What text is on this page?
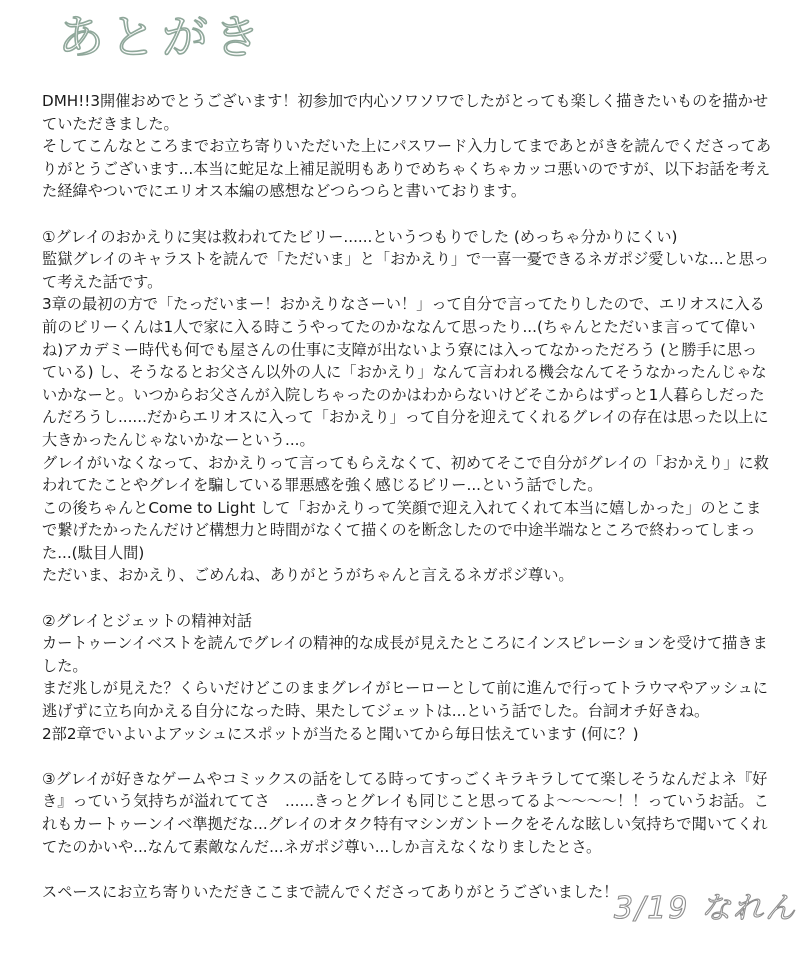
あとがき

DMH!!3開催おめでとうございます！初参加で内心ソワソワでしたがとっても楽しく描きたいものを描かせていただきました。

そしてこんなところまでお立ち寄りいただいた上にパスワード入力してまであとがきを読んでくださってありがとうございます...本当に蛇足な上補足説明もありでめちゃくちゃカッコ悪いのですが、以下お話を考えた経緯やついでにエリオス本編の感想などつらつらと書いております。

①グレイのおかえりに実は救われてたビリー......というつもりでした (めっちゃ分かりにくい)

監獄グレイのキャラストを読んで「ただいま」と「おかえり」で一喜一憂できるネガポジ愛しいな...と思って考えた話です。

3章の最初の方で「たっだいまー！おかえりなさーい！」って自分で言ってたりしたので、エリオスに入る前のビリーくんは1人で家に入る時こうやってたのかななんて思ったり...(ちゃんとただいま言ってて偉いね)アカデミー時代も何でも屋さんの仕事に支障が出ないよう寮には入ってなかっただろう (と勝手に思っている) し、そうなるとお父さん以外の人に「おかえり」なんて言われる機会なんてそうなかったんじゃないかなーと。いつからお父さんが入院しちゃったのかはわからないけどそこからはずっと1人暮らしだったんだろうし......だからエリオスに入って「おかえり」って自分を迎えてくれるグレイの存在は思った以上に大きかったんじゃないかなーという...。

グレイがいなくなって、おかえりって言ってもらえなくて、初めてそこで自分がグレイの「おかえり」に救われてたことやグレイを騙している罪悪感を強く感じるビリー...という話でした。

この後ちゃんとCome to Light して「おかえりって笑顔で迎え入れてくれて本当に嬉しかった」のとこまで繋げたかったんだけど構想力と時間がなくて描くのを断念したので中途半端なところで終わってしまった...(駄目人間)

ただいま、おかえり、ごめんね、ありがとうがちゃんと言えるネガポジ尊い。

②グレイとジェットの精神対話

カートゥーンイベストを読んでグレイの精神的な成長が見えたところにインスピレーションを受けて描きました。

まだ兆しが見えた？くらいだけどこのままグレイがヒーローとして前に進んで行ってトラウマやアッシュに逃げずに立ち向かえる自分になった時、果たしてジェットは...という話でした。台詞オチ好きね。

2部2章でいよいよアッシュにスポットが当たると聞いてから毎日怯えています (何に？)

③グレイが好きなゲームやコミックスの話をしてる時ってすっごくキラキラしてて楽しそうなんだよネ『好き』っていう気持ちが溢れててさ　......きっとグレイも同じこと思ってるよ〜〜〜〜！！っていうお話。これもカートゥーンイベ準拠だな...グレイのオタク特有マシンガントークをそんな眩しい気持ちで聞いてくれてたのかいや...なんて素敵なんだ...ネガポジ尊い...しか言えなくなりましたとさ。

スペースにお立ち寄りいただきここまで読んでくださってありがとうございました！

3/19 なれん
